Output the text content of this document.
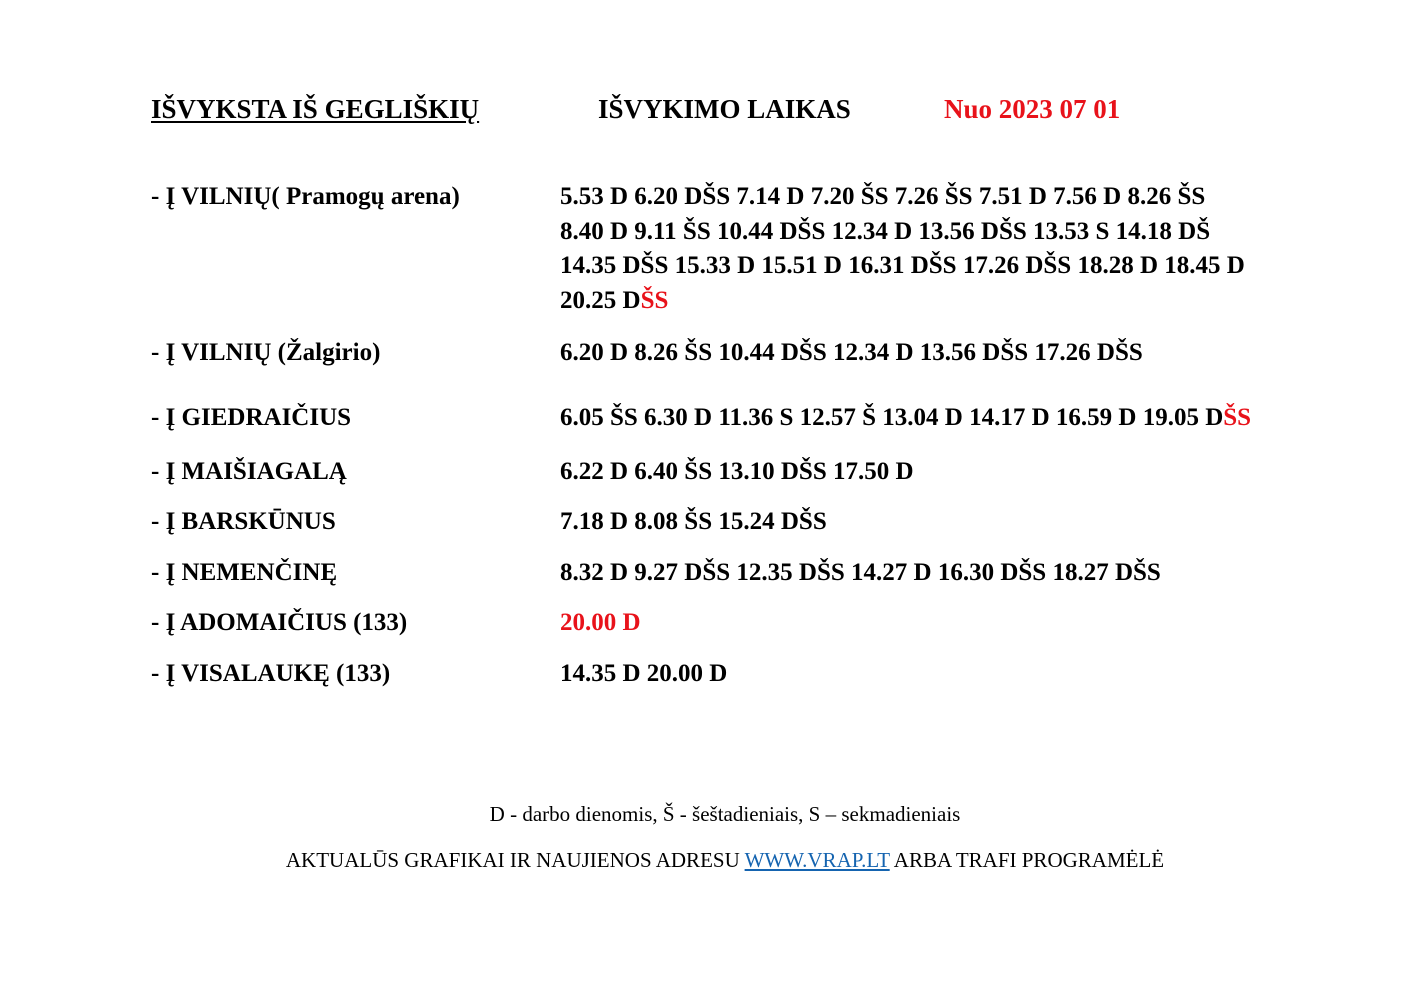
IŠVYKSTA IŠ GEGLIŠKIŲ	IŠVYKIMO LAIKAS	Nuo 2023 07 01
- Į VILNIŲ( Pramogų arena)	5.53 D 6.20 DŠS 7.14 D 7.20 ŠS 7.26 ŠS 7.51 D 7.56 D 8.26 ŠS
8.40 D 9.11 ŠS 10.44 DŠS 12.34 D 13.56 DŠS 13.53 S 14.18 DŠ
14.35 DŠS 15.33 D 15.51 D 16.31 DŠS 17.26 DŠS 18.28 D 18.45 D
20.25 DŠS
- Į VILNIŲ (Žalgirio)	6.20 D 8.26 ŠS 10.44 DŠS 12.34 D 13.56 DŠS 17.26 DŠS
- Į GIEDRAIČIUS	6.05 ŠS 6.30 D 11.36 S 12.57 Š 13.04 D 14.17 D 16.59 D 19.05 DŠS
- Į MAIŠIAGALĄ	6.22 D 6.40 ŠS 13.10 DŠS 17.50 D
- Į BARSKŪNUS	7.18 D 8.08 ŠS 15.24 DŠS
- Į NEMENČINĘ	8.32 D 9.27 DŠS 12.35 DŠS 14.27 D 16.30 DŠS 18.27 DŠS
- Į ADOMAIČIUS (133)	20.00 D
- Į VISALAUKĘ (133)	14.35 D 20.00 D
D - darbo dienomis, Š - šeštadieniais, S – sekmadieniais
AKTUALŪS GRAFIKAI IR NAUJIENOS ADRESU WWW.VRAP.LT ARBA TRAFI PROGRAMĖLĖ
